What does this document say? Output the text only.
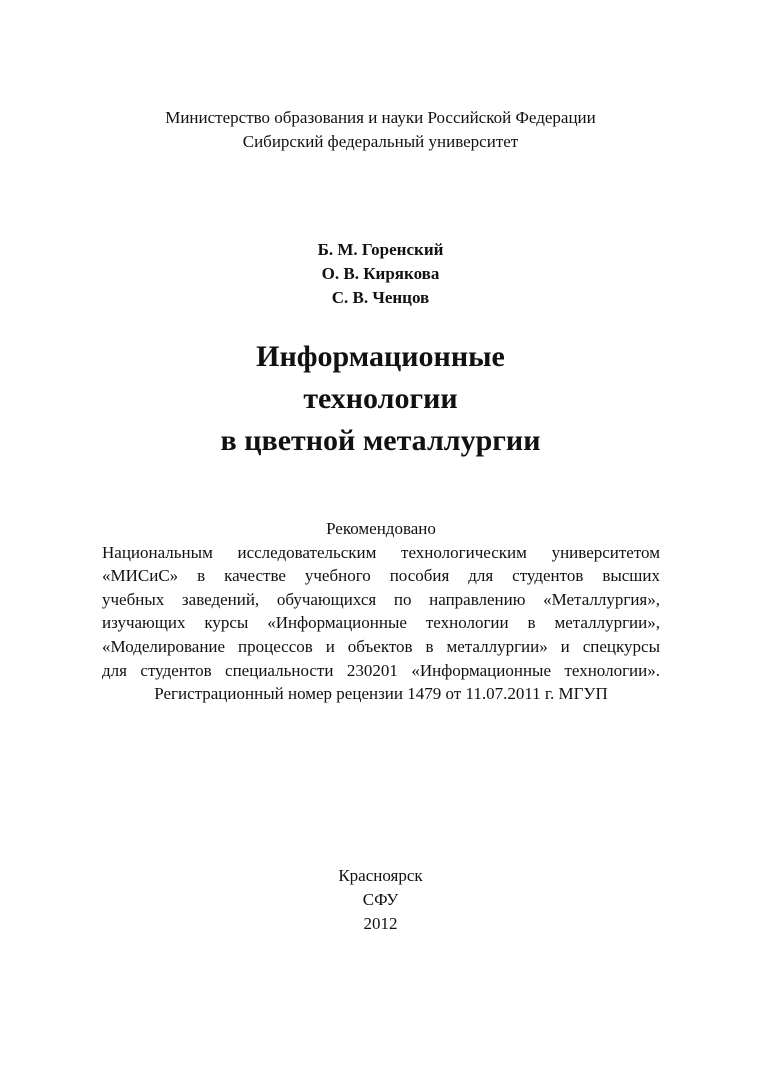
Министерство образования и науки Российской Федерации
Сибирский федеральный университет
Б. М. Горенский
О. В. Кирякова
С. В. Ченцов
Информационные
технологии
в цветной металлургии
Рекомендовано
Национальным исследовательским технологическим университетом
«МИСиС» в качестве учебного пособия для студентов высших
учебных заведений, обучающихся по направлению «Металлургия»,
изучающих курсы «Информационные технологии в металлургии»,
«Моделирование процессов и объектов в металлургии» и спецкурсы
для студентов специальности 230201 «Информационные технологии».
Регистрационный номер рецензии 1479 от 11.07.2011 г. МГУП
Красноярск
СФУ
2012
